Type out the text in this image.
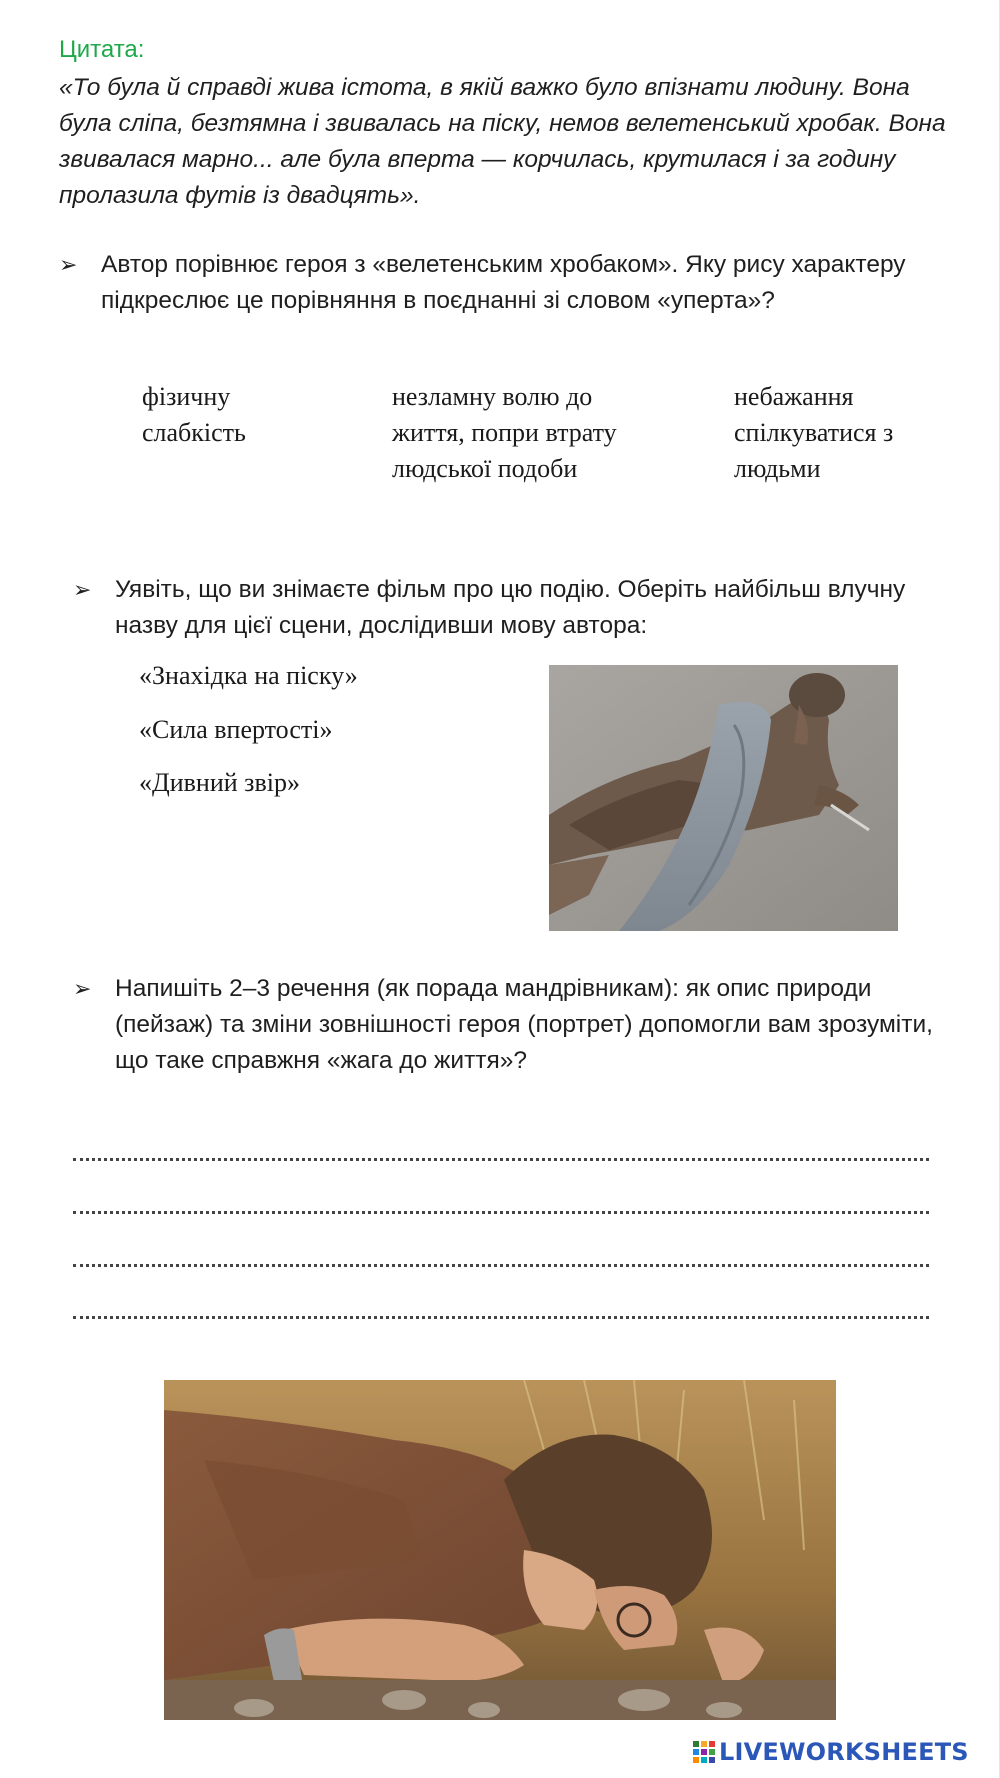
Цитата:
«То була й справді жива істота, в якій важко було впізнати людину. Вона була сліпа, безтямна і звивалась на піску, немов велетенський хробак. Вона звивалася марно... але була вперта — корчилась, крутилася і за годину пролазила футів із двадцять».
➢ Автор порівнює героя з «велетенським хробаком». Яку рису характеру підкреслює це порівняння в поєднанні зі словом «уперта»?
фізичну слабкість
незламну волю до життя, попри втрату людської подоби
небажання спілкуватися з людьми
➢ Уявіть, що ви знімаєте фільм про цю подію. Оберіть найбільш влучну назву для цієї сцени, дослідивши мову автора:
«Знахідка на піску»
«Сила впертості»
«Дивний звір»
➢ Напишіть 2–3 речення (як порада мандрівникам): як опис природи (пейзаж) та зміни зовнішності героя (портрет) допомогли вам зрозуміти, що таке справжня «жага до життя»?
LIVEWORKSHEETS
